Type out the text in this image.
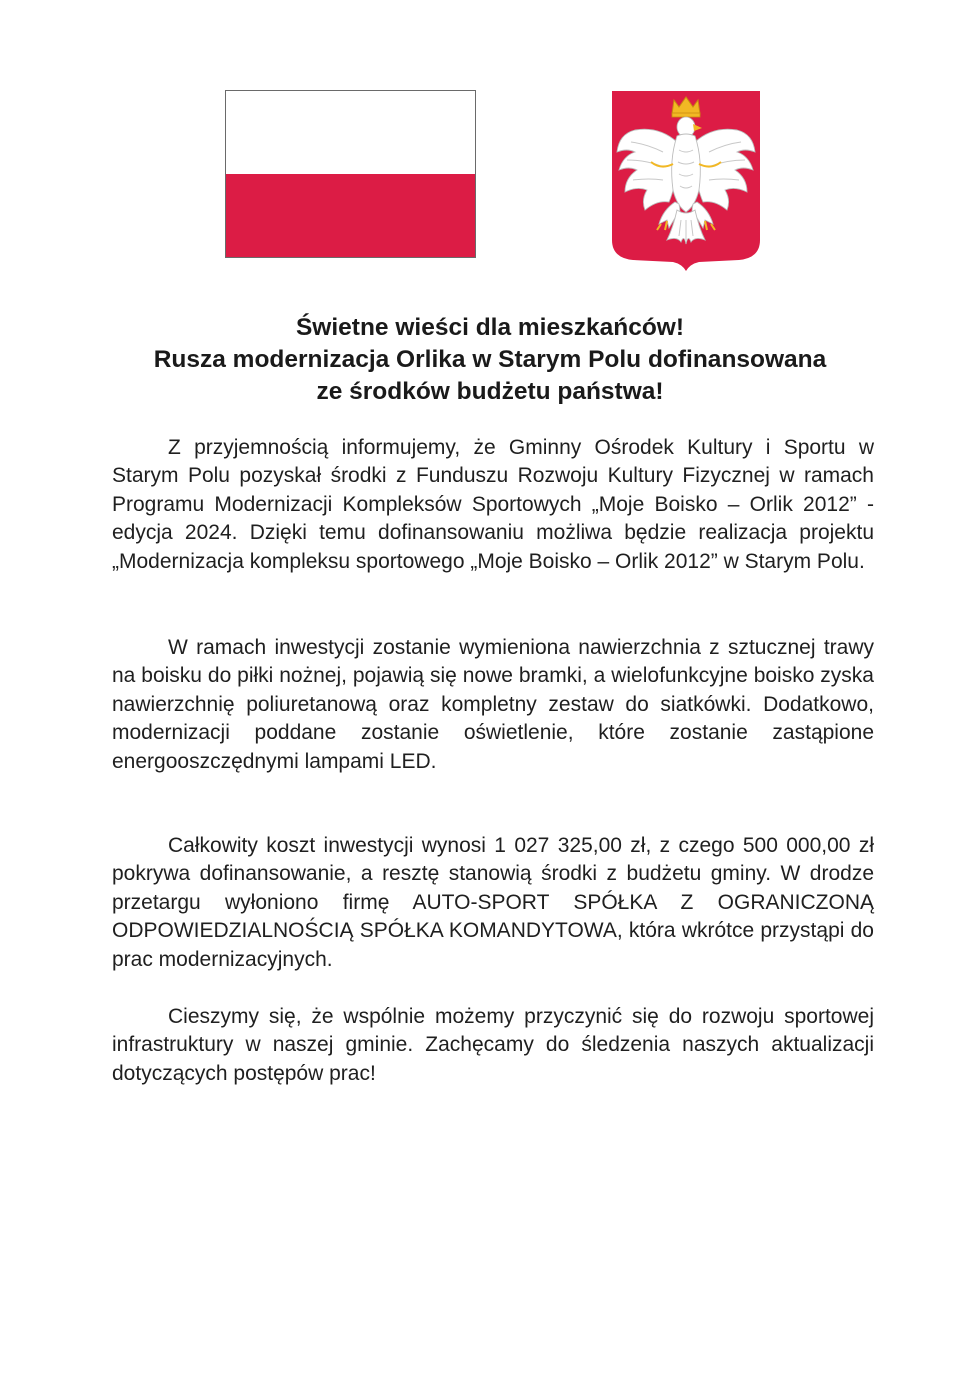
Świetne wieści dla mieszkańców!
Rusza modernizacja Orlika w Starym Polu dofinansowana
ze środków budżetu państwa!

Z przyjemnością informujemy, że Gminny Ośrodek Kultury i Sportu w Starym Polu pozyskał środki z Funduszu Rozwoju Kultury Fizycznej w ramach Programu Modernizacji Kompleksów Sportowych „Moje Boisko – Orlik 2012” - edycja 2024. Dzięki temu dofinansowaniu możliwa będzie realizacja projektu „Modernizacja kompleksu sportowego „Moje Boisko – Orlik 2012” w Starym Polu.

W ramach inwestycji zostanie wymieniona nawierzchnia z sztucznej trawy na boisku do piłki nożnej, pojawią się nowe bramki, a wielofunkcyjne boisko zyska nawierzchnię poliuretanową oraz kompletny zestaw do siatkówki. Dodatkowo, modernizacji poddane zostanie oświetlenie, które zostanie zastąpione energooszczędnymi lampami LED.

Całkowity koszt inwestycji wynosi 1 027 325,00 zł, z czego 500 000,00 zł pokrywa dofinansowanie, a resztę stanowią środki z budżetu gminy. W drodze przetargu wyłoniono firmę AUTO-SPORT SPÓŁKA Z OGRANICZONĄ ODPOWIEDZIALNOŚCIĄ SPÓŁKA KOMANDYTOWA, która wkrótce przystąpi do prac modernizacyjnych.

Cieszymy się, że wspólnie możemy przyczynić się do rozwoju sportowej infrastruktury w naszej gminie. Zachęcamy do śledzenia naszych aktualizacji dotyczących postępów prac!
